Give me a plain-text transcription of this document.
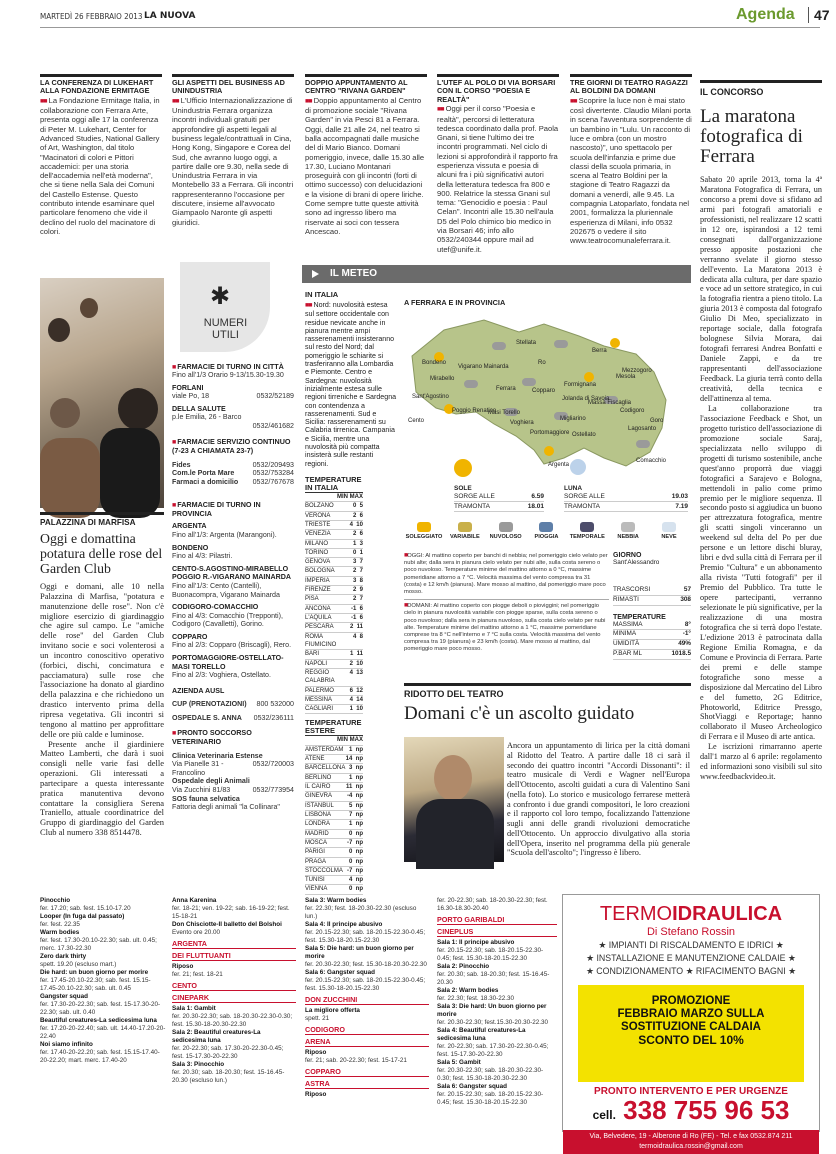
MARTEDÌ 26 FEBBRAIO 2013 LA NUOVA	Agenda	47
LA CONFERENZA DI LUKEHART ALLA FONDAZIONE ERMITAGE

■■ La Fondazione Ermitage Italia, in collaborazione con Ferrara Arte, presenta oggi alle 17 la conferenza di Peter M. Lukehart, Center for Advanced Studies, National Gallery of Art, Washington, dal titolo "Macinatori di colori e Pittori accademici: per una storia dell'accademia nell'età moderna", che si tiene nella Sala dei Comuni del Castello Estense. Questo contributo intende esaminare quel particolare fenomeno che vide il declino del ruolo del macinatore di colori.

GLI ASPETTI DEL BUSINESS AD UNINDUSTRIA

■■ L'Ufficio Internazionalizzazione di Unindustria Ferrara organizza incontri individuali gratuiti per approfondire gli aspetti legali al business legale/contrattuali in Cina, Hong Kong, Singapore e Corea del Sud, che avranno luogo oggi, a partire dalle ore 9.30, nella sede di Unindustria Ferrara in via Montebello 33 a Ferrara. Gli incontri rappresenteranno l'occasione per discutere, insieme all'avvocato Giampaolo Naronte gli aspetti giuridici.

DOPPIO APPUNTAMENTO AL CENTRO "RIVANA GARDEN"

■■ Doppio appuntamento al Centro di promozione sociale "Rivana Garden" in via Pesci 81 a Ferrara. Oggi, dalle 21 alle 24, nel teatro si balla accompagnati dalle musiche del di Mario Bianco. Domani pomeriggio, invece, dalle 15.30 alle 17.30, Luciano Montanari proseguirà con gli incontri (forti di ottimo successo) con delucidazioni e la visione di brani di opere liriche. Come sempre tutte queste attività sono ad ingresso libero ma riservate ai soci con tessera Ancescao.

L'UTEF AL POLO DI VIA BORSARI CON IL CORSO "POESIA E REALTÀ"

■■ Oggi per il corso "Poesia e realtà", percorsi di letteratura tedesca coordinato dalla prof. Paola Gnani, si tiene l'ultimo dei tre incontri programmati. Nel ciclo di lezioni si approfondirà il rapporto fra esperienza vissuta e poesia di alcuni fra i più significativi autori della letteratura tedesca fra 800 e 900. Relatrice la stessa Gnani sul tema: "Genocidio e poesia : Paul Celan". Incontri alle 15.30 nell'aula D5 del Polo chimico bio medico in via Borsari 46; info allo 0532/240344 oppure mail ad utef@unife.it.

TRE GIORNI DI TEATRO RAGAZZI AL BOLDINI DA DOMANI

■■ Scoprire la luce non è mai stato così divertente. Claudio Milani porta in scena l'avventura sorprendente di un bambino in "Lulu. Un racconto di luce e ombra (con un mostro nascosto)", uno spettacolo per scuola dell'infanzia e prime due classi della scuola primaria, in scena al Teatro Boldini per la stagione di Teatro Ragazzi da domani a venerdì, alle 9.45. La compagnia Latoparlato, fondata nel 2001, formalizza la pluriennale esperienza di Milani, info 0532 202675 o vedere il sito www.teatrocomunaleferrara.it.

IL CONCORSO
La maratona fotografica di Ferrara

Sabato 20 aprile 2013, torna la 4ª Maratona Fotografica di Ferrara, un concorso a premi dove si sfidano ad armi pari fotografi amatoriali e professionisti, nel realizzare 12 scatti in 12 ore, ispirandosi a 12 temi consegnati dall'organizzazione presso apposite postazioni che verranno svelate il giorno stesso dell'evento. La Maratona 2013 è dedicata alla cultura, per dare spazio e voce ad un settore strategico, in cui la fotografia rientra a pieno titolo. La giuria 2013 è composta dal fotografo Giulio Di Meo, specializzato in reportage sociale, dalla fotografa bolognese Silvia Morara, dai fotografi ferraresi Andrea Bonfatti e Daniele Zappi, e da tre rappresentanti dell'associazione Feedback. La giuria terrà conto della creatività, della tecnica e dell'attinenza al tema.

La collaborazione tra l'associazione Feedback e Shot, un progetto turistico dell'associazione di promozione sociale Saraj, specializzata nello sviluppo di progetti di turismo sostenibile, anche quest'anno proporrà due viaggi fotografici a Sarajevo e Bologna, mettendoli in palio come primo premio per le migliore sequenza. Il secondo posto si aggiudica un buono per attrezzatura fotografica, mentre gli scatti singoli vinceranno un weekend sul delta del Po per due persone e un lettore dischi bluray, libri e dvd sulla città di Ferrara per il Premio "Cultura" e un abbonamento alla rivista "Tutti fotografi" per il Premio del Pubblico. Tra tutte le opere partecipanti, verranno selezionate le più significative, per la realizzazione di una mostra fotografica che si terrà dopo l'estate. L'edizione 2013 è patrocinata dalla Regione Emilia Romagna, e da Comune e Provincia di Ferrara. Parte dei premi e delle stampe fotografiche sono messe a disposizione dal Mercatino del Libro e del fumetto, 2G Editrice, Photoworld, Editrice Pressgo, ShotViaggi e Reportage; hanno collaborato il Museo Archeologico di Ferrara e il Museo di arte antica.
Le iscrizioni rimarranno aperte dall'1 marzo al 6 aprile: regolamento ed informazioni sono visibili sul sito www.feedbackvideo.it.
PALAZZINA DI MARFISA
Oggi e domattina potatura delle rose del Garden Club

Oggi e domani, alle 10 nella Palazzina di Marfisa, "potatura e manutenzione delle rose". Non c'è migliore esercizio di giardinaggio che agire sul campo. Le "amiche delle rose" del Garden Club invitano socie e soci volenterosi a un incontro conoscitivo operativo (forbici, dischi, concimatura e pacciamatura) sulle rose che l'associazione ha donato al giardino della palazzina e che richiedono un drastico intervento prima della ripresa vegetativa. Gli incontri si tengono al mattino per approfittare delle ore più calde e luminose.

Presente anche il giardiniere Matteo Lamberti, che darà i suoi consigli nelle varie fasi delle operazioni. Gli interessati a partecipare a questa interessante pratica manutentiva devono contattare la consigliera Serena Traniello, attuale coordinatrice del Gruppo di giardinaggio del Garden Club al numero 338 8514478.

✱
NUMERI UTILI
■ FARMACIE DI TURNO IN CITTÀ
Fino all'1/3 Orario 9-13/15.30-19.30
FORLANI
viale Po, 18	0532/52189
DELLA SALUTE
p.le Emilia, 26 - Barco
0532/461682
■ FARMACIE SERVIZIO CONTINUO (7-23 A CHIAMATA 23-7)
Fides	0532/209493
Com.le Porta Mare	0532/753284
Farmaci a domicilio 0532/767678
■ FARMACIE DI TURNO IN PROVINCIA
ARGENTA
Fino all'1/3: Argenta (Marangoni).
BONDENO
Fino al 4/3: Pilastri.
CENTO-S.AGOSTINO-MIRABELLO POGGIO R.-VIGARANO MAINARDA
Fino all'1/3: Cento (Cantelli), Buonacompra, Vigarano Mainarda
CODIGORO-COMACCHIO
Fino al 4/3: Comacchio (Trepponti), Codigoro (Cavalletti), Gorino.
COPPARO
Fino al 2/3: Copparo (Briscagli), Rero.
PORTOMAGGIORE-OSTELLATO-MASI TORELLO
Fino al 2/3: Voghiera, Ostellato.
AZIENDA AUSL
CUP (PRENOTAZIONI) 800 532000
OSPEDALE S. ANNA 0532/236111
■ PRONTO SOCCORSO VETERINARIO
Clinica Veterinaria Estense
Via Pianelle 31 - Francolino
0532/720003
Ospedale degli Animali
Via Zucchini 81/83	0532/773954
SOS fauna selvatica
Fattoria degli animali "la Collinara"
IL METEO
IN ITALIA

■■ Nord: nuvolosità estesa sul settore occidentale con residue nevicate anche in pianura mentre ampi rasserenamenti insisteranno sul resto del Nord; dal pomeriggio le schiarite si trasferiranno alla Lombardia e Piemonte. Centro e Sardegna: nuvolosità inizialmente estesa sulle regioni tirreniche e Sardegna con contendenza a rasserenamenti. Sud e Sicilia: rasserenamenti su Calabria tirrenica. Campania e Sicilia, mentre una nuvolosità più compatta insisterà sulle restanti regioni.

TEMPERATURE IN ITALIA
MIN MAX
BOLZANO	0  5
VERONA	2  6
TRIESTE	4  10
VENEZIA	2  6
MILANO	1  3
TORINO	0  1
GENOVA	3  7
BOLOGNA	2  7
IMPERIA	3  8
FIRENZE	2  9
PISA	2  7
ANCONA	-1  6
L'AQUILA	-1  6
PESCARA	2  11
ROMA FIUMICINO
4  8
BARI	1  11
NAPOLI	2  10
REGGIO CALABRIA
4  13
PALERMO	6  12
MESSINA	4  14
CAGLIARI	1  10
TEMPERATURE ESTERE
MIN MAX
AMSTERDAM 1  np
ATENE	14  np
BARCELLONA 3  np
BERLINO	1  np
IL CAIRO	11  np
GINEVRA -4  np
ISTANBUL	5  np
LISBONA	7  np
LONDRA	1  np
MADRID	0  np
MOSCA	-7  np
PARIGI	0  np
PRAGA	0  np
STOCCOLMA -7  np
TUNISI	4  np
VIENNA	0  np
A FERRARA E IN PROVINCIA
Bondeno
Stellata
Ro
Berra
Mesola
Mirabello
Vigarano Mainarda
Ferrara	Copparo
Formignana
Jolanda di Savoia
Massa Fiscaglia
Mezzogoro
Cento
Sant'Agostino
Poggio Renatico
Masi Torello
Voghiera
Migliarino
Codigoro
Goro
Portomaggiore Ostellato
Argenta
Lagosanto
Comacchio
SOLE
SORGE ALLE	6.59
TRAMONTA	18.01
LUNA
SORGE ALLE	19.03
TRAMONTA	7.19
SOLEGGIATO	VARIABILE	NUVOLOSO	PIOGGIA	TEMPORALE	NEBBIA	NEVE
■OGGI: Al mattino coperto per banchi di nebbia; nel pomeriggio cielo velato per nubi alte; dalla sera in pianura cielo velato per nubi alte, sulla costa sereno o poco nuvoloso. Temperature minime del mattino attorno a 0 °C, massime pomeridiane attorno a 7 °C. Velocità massima del vento compresa tra 31 (costa) e 12 km/h (pianura). Mare mosso al mattino, dal pomeriggio mare poco mosso.
■DOMANI: Al mattino coperto con piogge deboli o pioviggini; nel pomeriggio cielo in pianura nuvolosità variabile con piogge sparse, sulla costa sereno o poco nuvoloso; dalla sera in pianura nuvoloso, sulla costa cielo velato per nubi alte. Temperature minime del mattino attorno a 1 °C, massime pomeridiane comprese tra 8 °C nell'interno e 7 °C sulla costa. Velocità massima del vento compresa tra 19 (pianura) e 23 km/h (costa). Mare mosso al mattino, dal pomeriggio mare poco mosso.
GIORNO
Sant'Alessandro
TRASCORSI	57
RIMASTI	308
TEMPERATURE
MASSIMA	8°
MINIMA	-1°
UMIDITÀ	49%
P.BAR ML	1018.5
RIDOTTO DEL TEATRO
Domani c'è un ascolto guidato
Ancora un appuntamento di lirica per la città domani al Ridotto del Teatro. A partire dalle 18 ci sarà il secondo dei quattro incontri "Accordi Dissonanti": il teatro musicale di Verdi e Wagner nell'Europa dell'Ottocento, ascolti guidati a cura di Valentino Sani (nella foto). Lo storico e musicologo ferrarese metterà a confronto i due grandi compositori, le loro creazioni e il rapporto col loro tempo, focalizzando l'attenzione sugli anni delle grandi rivoluzioni democratiche dell'Ottocento. Un approccio divulgativo alla storia dell'Opera, inserito nel programma della più generale "Scuola dell'ascolto"; l'ingresso è libero.
Pinocchio
fer. 17.20; sab. fest. 15.10-17.20
Looper (In fuga dal passato)
fer. fest. 22.35
Warm bodies
fer. fest. 17.30-20.10-22.30; sab. ult. 0.45; merc. 17.30-22.30
Zero dark thirty
spett. 19.20 (escluso mart.)
Die hard: un buon giorno per morire
fer. 17.45-20.10-22.30; sab. fest. 15.15-17.45-20.10-22.30; sab. ult. 0.45
Gangster squad
fer. 17.30-20-22.30; sab. fest. 15-17.30-20-22.30; sab. ult. 0.40
Beautiful creatures-La sedicesima luna
fer. 17.20-20-22.40; sab. ult. 14.40-17.20-20-22.40
Noi siamo infinito
fer. 17.40-20-22.20; sab. fest. 15.15-17.40-20-22.20; mart. merc. 17.40-20
Anna Karenina
fer. 18-21; ven. 19-22; sab. 16-19-22; fest. 15-18-21
Don Chisciotte-Il balletto del Bolshoi
Evento ore 20.00
ARGENTA
DEI FLUTTUANTI
Riposo
fer. 21; fest. 18-21
CENTO
CINEPARK
Sala 1: Gambit
fer. 20.30-22.30; sab. 18-20.30-22.30-0.30; fest. 15.30-18-20.30-22.30
Sala 2: Beautiful creatures-La sedicesima luna
fer. 20-22.30; sab. 17.30-20-22.30-0.45; fest. 15-17.30-20-22.30
Sala 3: Pinocchio
fer. 20.30; sab. 18-20.30; fest. 15-16.45-20.30 (escluso lun.)
Sala 3: Warm bodies
fer. 22.30; fest. 18-20.30-22.30 (escluso lun.)
Sala 4: Il principe abusivo
fer. 20.15-22.30; sab. 18-20.15-22.30-0.45; fest. 15.30-18-20.15-22.30
Sala 5: Die hard: un buon giorno per morire
fer. 20.30-22.30; fest. 15.30-18-20.30-22.30
Sala 6: Gangster squad
fer. 20.15-22.30; sab. 18-20.15-22.30-0.45; fest. 15.30-18-20.15-22.30
DON ZUCCHINI
La migliore offerta
spett. 21
CODIGORO
ARENA
Riposo
fer. 21; sab. 20-22.30; fest. 15-17-21
COPPARO
ASTRA
Riposo
fer. 20-22.30; sab. 18-20.30-22.30; fest. 16.30-18.30-20.40
PORTO GARIBALDI
CINEPLUS
Sala 1: Il principe abusivo
fer. 20.15-22.30; sab. 18-20.15-22.30-0.45; fest. 15.30-18-20.15-22.30
Sala 2: Pinocchio
fer. 20.30; sab. 18-20.30; fest. 15-16.45-20.30
Sala 2: Warm bodies
fer. 22.30; fest. 18.30-22.30
Sala 3: Die hard: Un buon giorno per morire
fer. 20.30-22.30; fest.15.30-20.30-22.30
Sala 4: Beautiful creatures-La sedicesima luna
fer. 20-22.30; sab. 17.30-20-22.30-0.45; fest. 15-17.30-20-22.30
Sala 5: Gambit
fer. 20.30-22.30; sab. 18-20.30-22.30-0.30; fest. 15.30-18-20.30-22.30
Sala 6: Gangster squad
fer. 20.15-22.30; sab. 18-20.15-22.30-0.45; fest. 15.30-18-20.15-22.30
TERMOIDRAULICA
Di Stefano Rossin
★ IMPIANTI DI RISCALDAMENTO E IDRICI ★
★ INSTALLAZIONE E MANUTENZIONE CALDAIE ★
★ CONDIZIONAMENTO ★ RIFACIMENTO BAGNI ★
PROMOZIONE
FEBBRAIO MARZO SULLA
SOSTITUZIONE CALDAIA
SCONTO DEL 10%
PRONTO INTERVENTO E PER URGENZE
cell. 338 755 96 53
Via, Belvedere, 19 - Alberone di Ro (FE) - Tel. e fax 0532.874 211
termoidraulica.rossin@gmail.com
